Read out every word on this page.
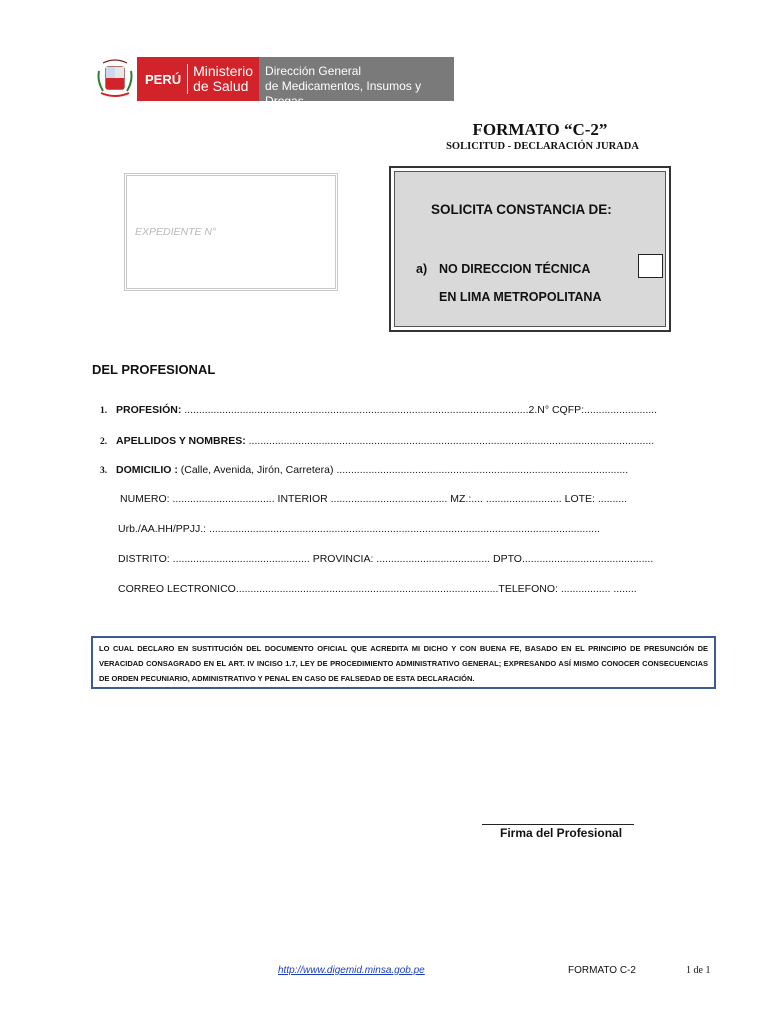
PERÚ Ministerio
de Salud
Dirección General
de Medicamentos, Insumos y Drogas
FORMATO “C-2”
SOLICITUD - DECLARACIÓN JURADA
EXPEDIENTE N°
SOLICITA CONSTANCIA DE:
a) NO DIRECCION TÉCNICA
EN LIMA METROPOLITANA
DEL PROFESIONAL
1. PROFESIÓN: ......................................................................................................................2.N° CQFP:.........................
2. APELLIDOS Y NOMBRES: ...........................................................................................................................................
3. DOMICILIO : (Calle, Avenida, Jirón, Carretera) ....................................................................................................
NUMERO: ................................... INTERIOR ........................................ MZ.:.... .......................... LOTE: ..........
Urb./AA.HH/PPJJ.: ......................................................................................................................................
DISTRITO: ............................................... PROVINCIA: ....................................... DPTO.............................................
CORREO LECTRONICO..........................................................................................TELEFONO: ................. ........
LO CUAL DECLARO EN SUSTITUCIÓN DEL DOCUMENTO OFICIAL QUE ACREDITA MI DICHO Y CON BUENA FE, BASADO EN EL PRINCIPIO DE PRESUNCIÓN DE VERACIDAD CONSAGRADO EN EL ART. IV INCISO 1.7, LEY DE PROCEDIMIENTO ADMINISTRATIVO GENERAL; EXPRESANDO ASÍ MISMO CONOCER CONSECUENCIAS DE ORDEN PECUNIARIO, ADMINISTRATIVO Y PENAL EN CASO DE FALSEDAD DE ESTA DECLARACIÓN.
Firma del Profesional
http://www.digemid.minsa.gob.pe	FORMATO C-2	1 de 1
